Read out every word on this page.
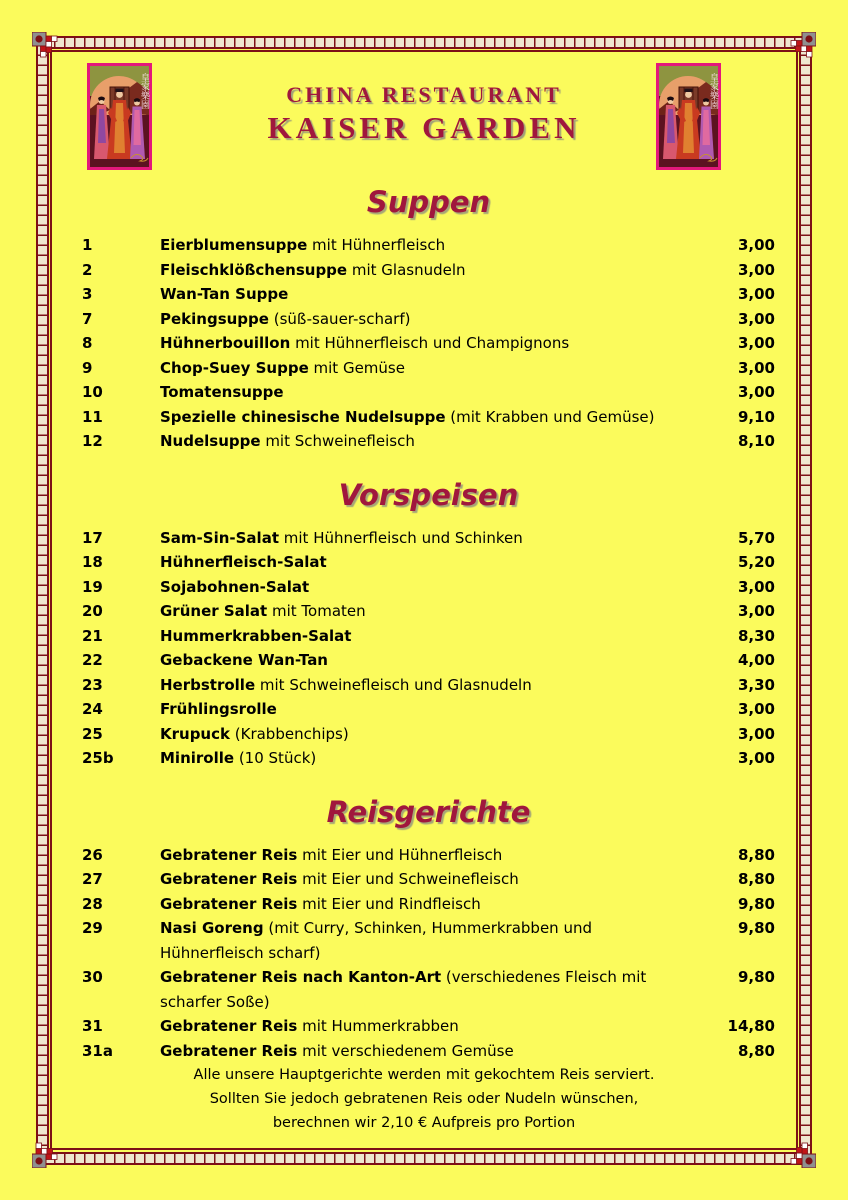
皇家樂園	皇家樂園
CHINA RESTAURANT
KAISER GARDEN
Suppen
1	Eierblumensuppe mit Hühnerfleisch	3,00
2	Fleischklößchensuppe mit Glasnudeln	3,00
3	Wan-Tan Suppe	3,00
7	Pekingsuppe (süß-sauer-scharf)	3,00
8	Hühnerbouillon mit Hühnerfleisch und Champignons	3,00
9	Chop-Suey Suppe mit Gemüse	3,00
10	Tomatensuppe	3,00
11	Spezielle chinesische Nudelsuppe (mit Krabben und Gemüse)	9,10
12	Nudelsuppe mit Schweinefleisch	8,10
Vorspeisen
17	Sam-Sin-Salat mit Hühnerfleisch und Schinken	5,70
18	Hühnerfleisch-Salat	5,20
19	Sojabohnen-Salat	3,00
20	Grüner Salat mit Tomaten	3,00
21	Hummerkrabben-Salat	8,30
22	Gebackene Wan-Tan	4,00
23	Herbstrolle mit Schweinefleisch und Glasnudeln	3,30
24	Frühlingsrolle	3,00
25	Krupuck (Krabbenchips)	3,00
25b	Minirolle (10 Stück)	3,00
Reisgerichte
26	Gebratener Reis mit Eier und Hühnerfleisch	8,80
27	Gebratener Reis mit Eier und Schweinefleisch	8,80
28	Gebratener Reis mit Eier und Rindfleisch	9,80
29	Nasi Goreng (mit Curry, Schinken, Hummerkrabben und	9,80
Hühnerfleisch scharf)
30	Gebratener Reis nach Kanton-Art (verschiedenes Fleisch mit	9,80
scharfer Soße)
31	Gebratener Reis mit Hummerkrabben	14,80
31a	Gebratener Reis mit verschiedenem Gemüse	8,80
Alle unsere Hauptgerichte werden mit gekochtem Reis serviert.
Sollten Sie jedoch gebratenen Reis oder Nudeln wünschen,
berechnen wir 2,10 € Aufpreis pro Portion
